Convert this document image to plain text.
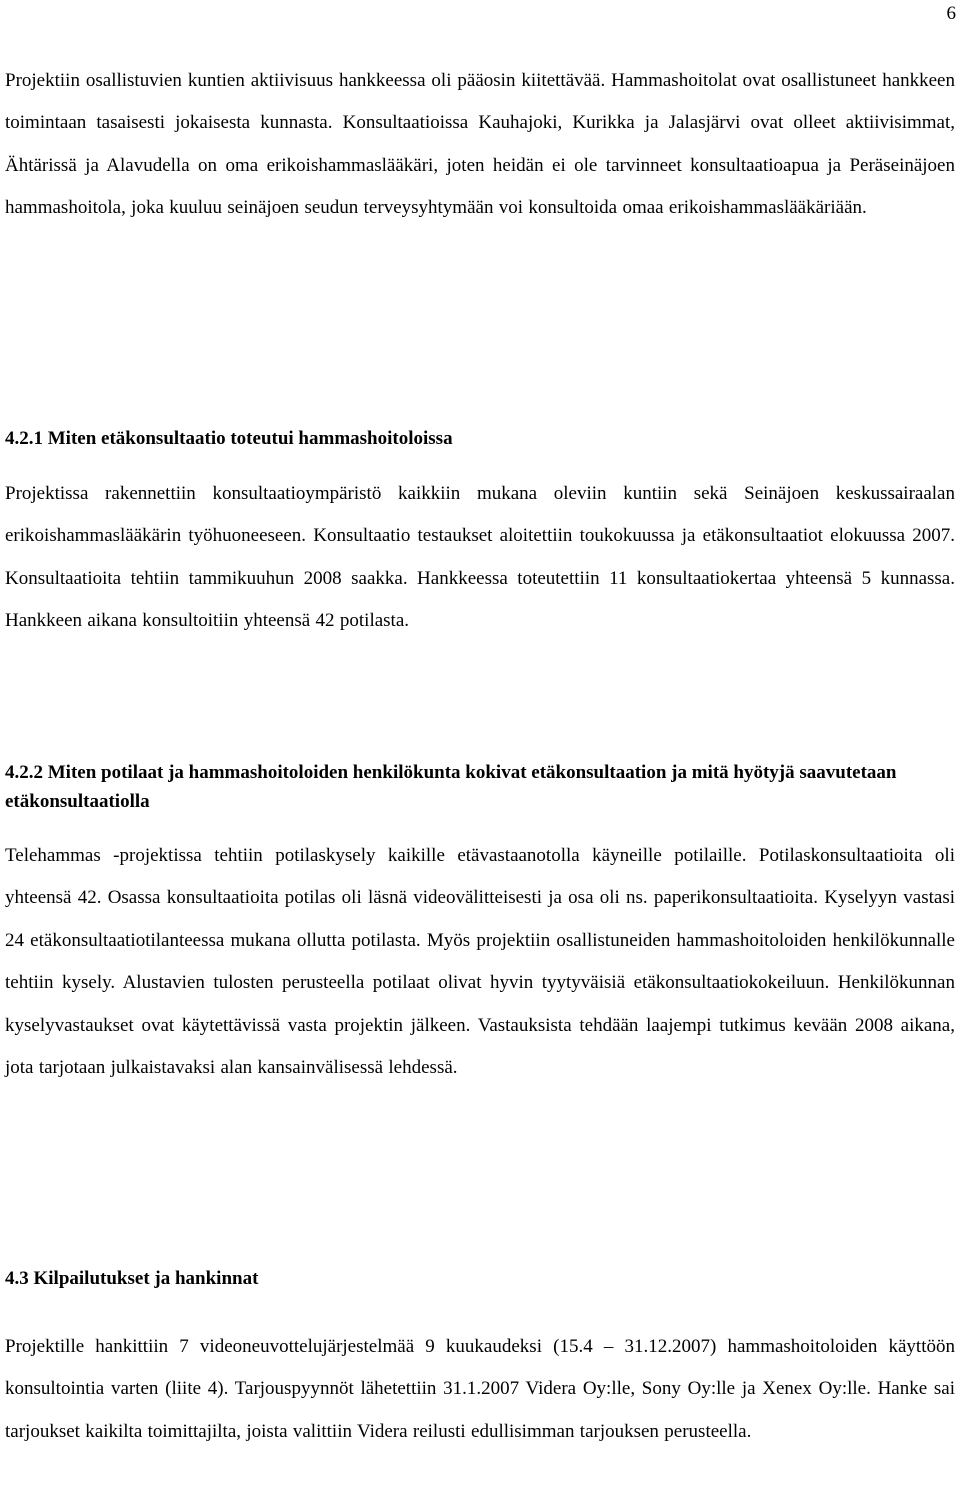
6

Projektiin osallistuvien kuntien aktiivisuus hankkeessa oli pääosin kiitettävää. Hammashoitolat ovat osallistuneet hankkeen toimintaan tasaisesti jokaisesta kunnasta. Konsultaatioissa Kauhajoki, Kurikka ja Jalasjärvi ovat olleet aktiivisimmat, Ähtärissä ja Alavudella on oma erikoishammaslääkäri, joten heidän ei ole tarvinneet konsultaatioapua ja Peräseinäjoen hammashoitola, joka kuuluu seinäjoen seudun terveysyhtymään voi konsultoida omaa erikoishammaslääkäriään.

4.2.1 Miten etäkonsultaatio toteutui hammashoitoloissa

Projektissa rakennettiin konsultaatioympäristö kaikkiin mukana oleviin kuntiin sekä Seinäjoen keskussairaalan erikoishammaslääkärin työhuoneeseen. Konsultaatio testaukset aloitettiin toukokuussa ja etäkonsultaatiot elokuussa 2007. Konsultaatioita tehtiin tammikuuhun 2008 saakka. Hankkeessa toteutettiin 11 konsultaatiokertaa yhteensä 5 kunnassa. Hankkeen aikana konsultoitiin yhteensä 42 potilasta.

4.2.2 Miten potilaat ja hammashoitoloiden henkilökunta kokivat etäkonsultaation ja mitä hyötyjä saavutetaan etäkonsultaatiolla

Telehammas -projektissa tehtiin potilaskysely kaikille etävastaanotolla käyneille potilaille. Potilaskonsultaatioita oli yhteensä 42. Osassa konsultaatioita potilas oli läsnä videovälitteisesti ja osa oli ns. paperikonsultaatioita. Kyselyyn vastasi 24 etäkonsultaatiotilanteessa mukana ollutta potilasta. Myös projektiin osallistuneiden hammashoitoloiden henkilökunnalle tehtiin kysely. Alustavien tulosten perusteella potilaat olivat hyvin tyytyväisiä etäkonsultaatiokokeiluun. Henkilökunnan kyselyvastaukset ovat käytettävissä vasta projektin jälkeen. Vastauksista tehdään laajempi tutkimus kevään 2008 aikana, jota tarjotaan julkaistavaksi alan kansainvälisessä lehdessä.

4.3 Kilpailutukset ja hankinnat

Projektille hankittiin 7 videoneuvottelujärjestelmää 9 kuukaudeksi (15.4 – 31.12.2007) hammashoitoloiden käyttöön konsultointia varten (liite 4). Tarjouspyynnöt lähetettiin 31.1.2007 Videra Oy:lle, Sony Oy:lle ja Xenex Oy:lle. Hanke sai tarjoukset kaikilta toimittajilta, joista valittiin Videra reilusti edullisimman tarjouksen perusteella.
